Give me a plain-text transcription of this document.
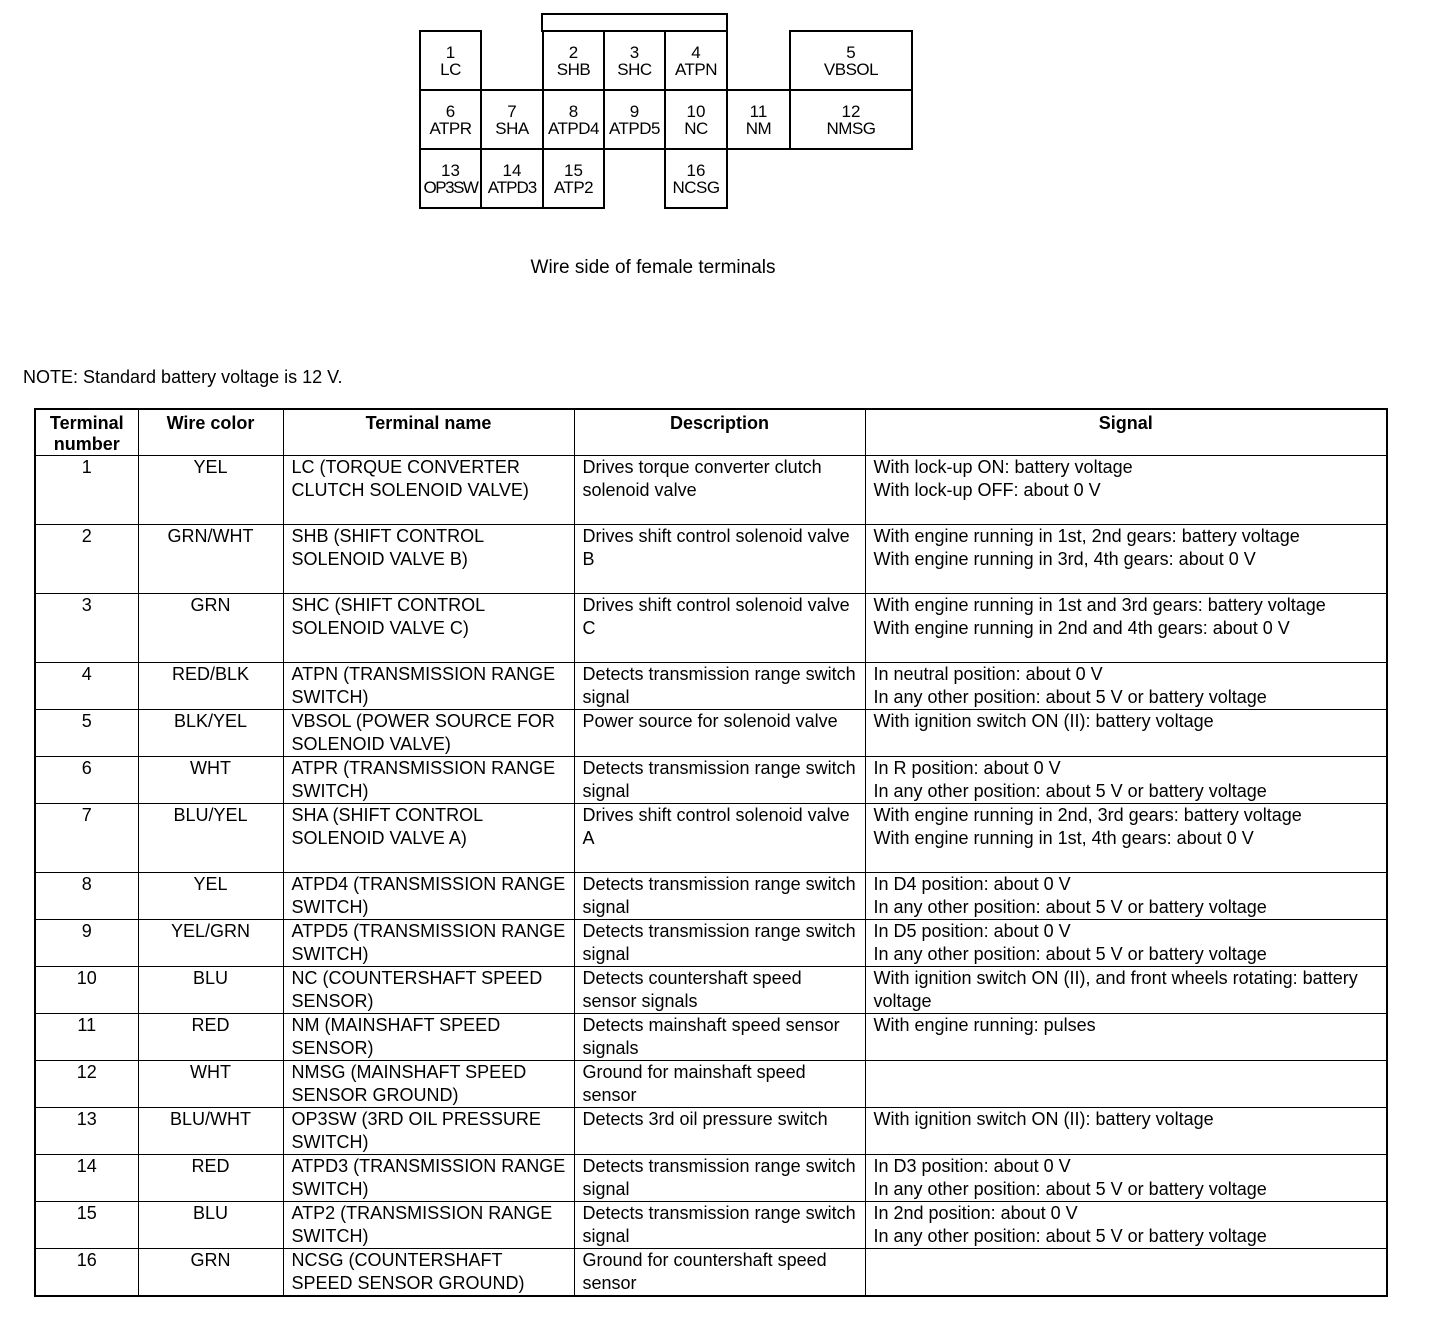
1
LC
2
SHB
3
SHC
4
ATPN
5
VBSOL
6
ATPR
7
SHA
8
ATPD4
9
ATPD5
10
NC
11
NM
12
NMSG
13
OP3SW
14
ATPD3
15
ATP2
16
NCSG
Wire side of female terminals
NOTE: Standard battery voltage is 12 V.
Terminal number	Wire color	Terminal name	Description	Signal
1	YEL	LC (TORQUE CONVERTER CLUTCH SOLENOID VALVE)	Drives torque converter clutch solenoid valve	With lock-up ON: battery voltage
With lock-up OFF: about 0 V
2	GRN/WHT	SHB (SHIFT CONTROL SOLENOID VALVE B)	Drives shift control solenoid valve B	With engine running in 1st, 2nd gears: battery voltage
With engine running in 3rd, 4th gears: about 0 V
3	GRN	SHC (SHIFT CONTROL SOLENOID VALVE C)	Drives shift control solenoid valve C	With engine running in 1st and 3rd gears: battery voltage
With engine running in 2nd and 4th gears: about 0 V
4	RED/BLK	ATPN (TRANSMISSION RANGE SWITCH)	Detects transmission range switch signal	In neutral position: about 0 V
In any other position: about 5 V or battery voltage
5	BLK/YEL	VBSOL (POWER SOURCE FOR SOLENOID VALVE)	Power source for solenoid valve	With ignition switch ON (II): battery voltage
6	WHT	ATPR (TRANSMISSION RANGE SWITCH)	Detects transmission range switch signal	In R position: about 0 V
In any other position: about 5 V or battery voltage
7	BLU/YEL	SHA (SHIFT CONTROL SOLENOID VALVE A)	Drives shift control solenoid valve A	With engine running in 2nd, 3rd gears: battery voltage
With engine running in 1st, 4th gears: about 0 V
8	YEL	ATPD4 (TRANSMISSION RANGE SWITCH)	Detects transmission range switch signal	In D4 position: about 0 V
In any other position: about 5 V or battery voltage
9	YEL/GRN	ATPD5 (TRANSMISSION RANGE SWITCH)	Detects transmission range switch signal	In D5 position: about 0 V
In any other position: about 5 V or battery voltage
10	BLU	NC (COUNTERSHAFT SPEED SENSOR)	Detects countershaft speed sensor signals	With ignition switch ON (II), and front wheels rotating: battery voltage
11	RED	NM (MAINSHAFT SPEED SENSOR)	Detects mainshaft speed sensor signals	With engine running: pulses
12	WHT	NMSG (MAINSHAFT SPEED SENSOR GROUND)	Ground for mainshaft speed sensor	
13	BLU/WHT	OP3SW (3RD OIL PRESSURE SWITCH)	Detects 3rd oil pressure switch	With ignition switch ON (II): battery voltage
14	RED	ATPD3 (TRANSMISSION RANGE SWITCH)	Detects transmission range switch signal	In D3 position: about 0 V
In any other position: about 5 V or battery voltage
15	BLU	ATP2 (TRANSMISSION RANGE SWITCH)	Detects transmission range switch signal	In 2nd position: about 0 V
In any other position: about 5 V or battery voltage
16	GRN	NCSG (COUNTERSHAFT SPEED SENSOR GROUND)	Ground for countershaft speed sensor	
